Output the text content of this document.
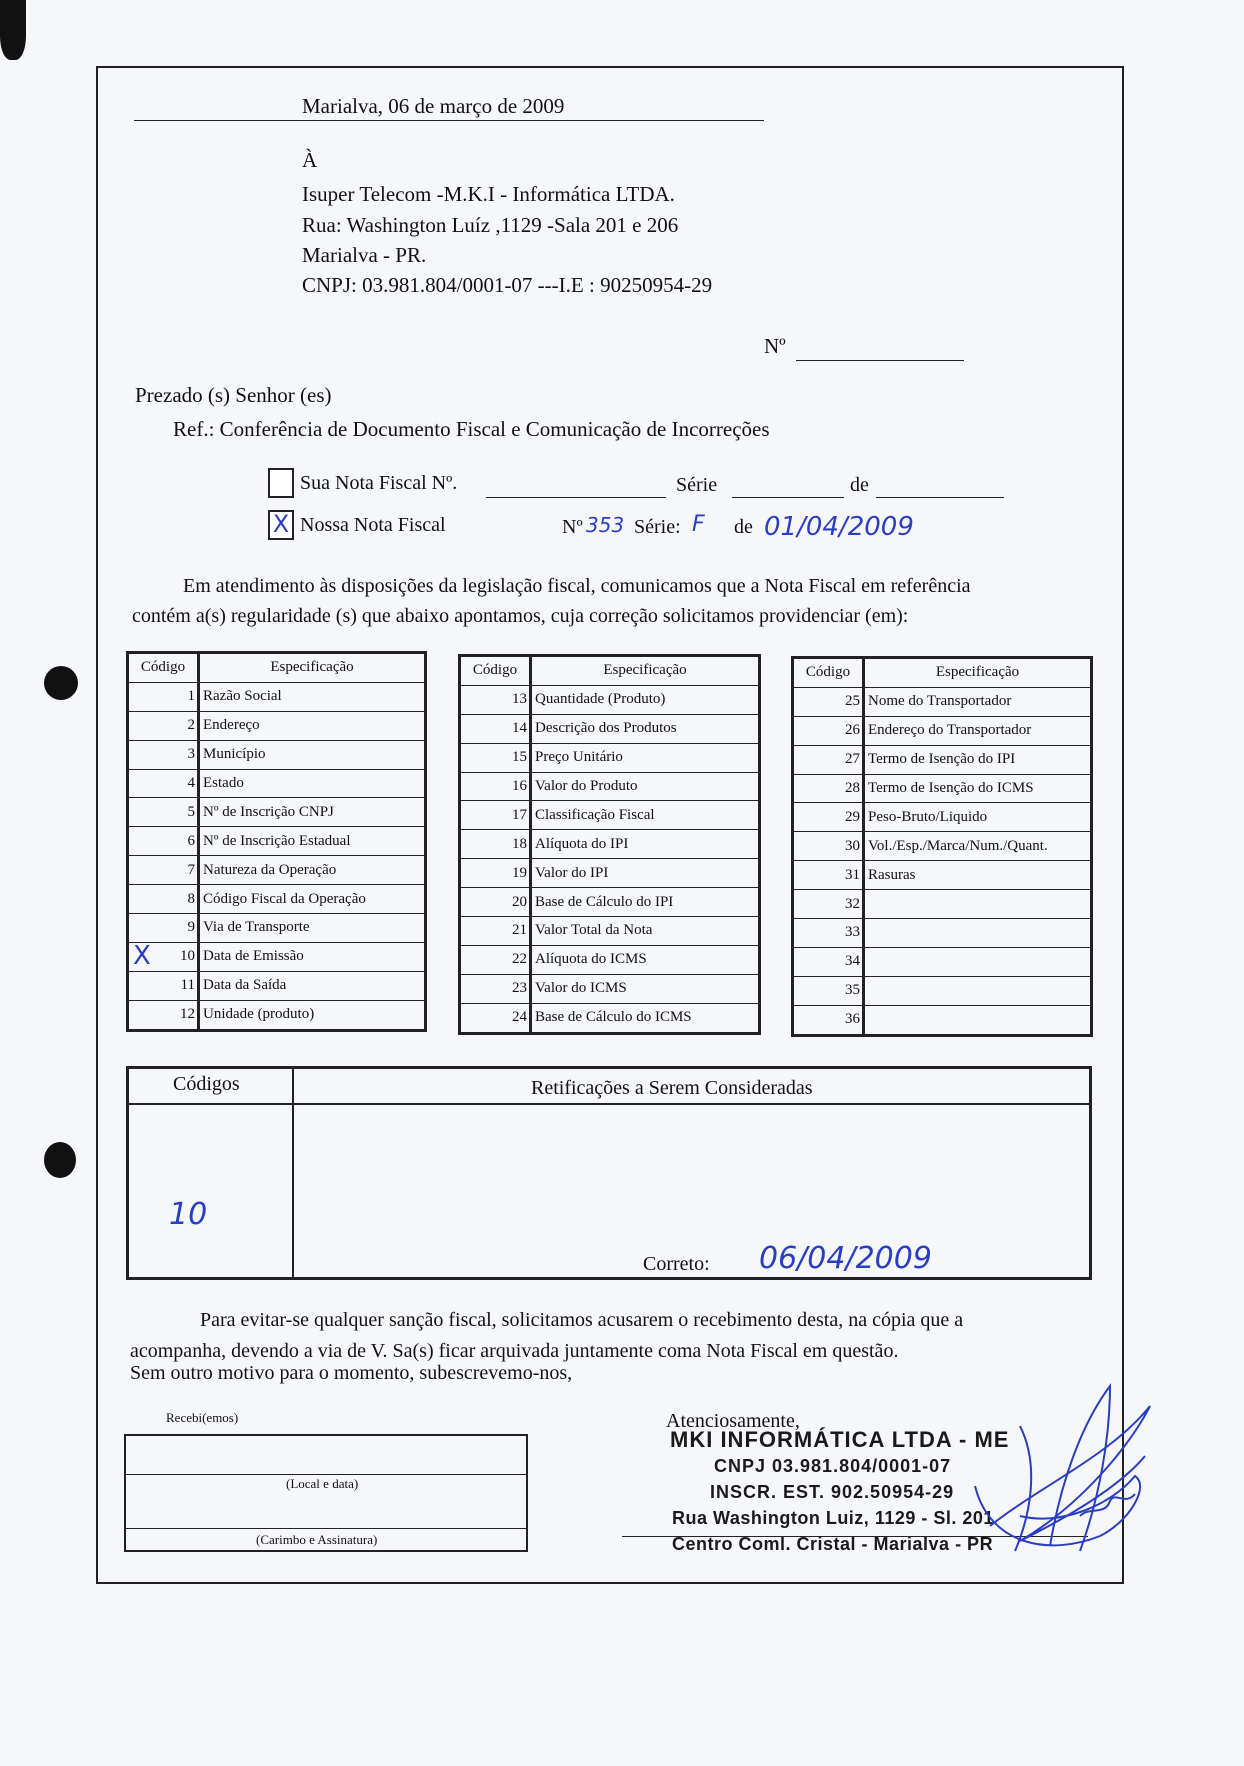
Marialva, 06 de março de 2009
À
Isuper Telecom -M.K.I - Informática LTDA.
Rua: Washington Luíz ,1129 -Sala 201 e 206
Marialva - PR.
CNPJ: 03.981.804/0001-07 ---I.E : 90250954-29
Nº
Prezado (s) Senhor (es)
Ref.: Conferência de Documento Fiscal e Comunicação de Incorreções
Sua Nota Fiscal Nº.	Série	de
X Nossa Nota Fiscal	Nº 353 Série: F de 01/04/2009
Em atendimento às disposições da legislação fiscal, comunicamos que a Nota Fiscal em referência
contém a(s) regularidade (s) que abaixo apontamos, cuja correção solicitamos providenciar (em):
Código	Especificação

1	Razão Social

2	Endereço

3	Município

4	Estado

5	Nº de Inscrição CNPJ

6	Nº de Inscrição Estadual

7	Natureza da Operação

8	Código Fiscal da Operação

9	Via de Transporte

X 10	Data de Emissão

11	Data da Saída

12	Unidade (produto)
Código	Especificação

13	Quantidade (Produto)

14	Descrição dos Produtos

15	Preço Unitário

16	Valor do Produto

17	Classificação Fiscal

18	Alíquota do IPI

19	Valor do IPI

20	Base de Cálculo do IPI

21	Valor Total da Nota

22	Alíquota do ICMS

23	Valor do ICMS

24	Base de Cálculo do ICMS
Código	Especificação

25	Nome do Transportador

26	Endereço do Transportador

27	Termo de Isenção do IPI

28	Termo de Isenção do ICMS

29	Peso-Bruto/Liquido

30	Vol./Esp./Marca/Num./Quant.

31	Rasuras

32	

33	

34	

35	

36	
Códigos	Retificações a Serem Consideradas
10
Correto: 06/04/2009
Para evitar-se qualquer sanção fiscal, solicitamos acusarem o recebimento desta, na cópia que a
acompanha, devendo a via de V. Sa(s) ficar arquivada juntamente coma Nota Fiscal em questão.
Sem outro motivo para o momento, subescrevemo-nos,
Recebi(emos)
(Local e data)
(Carimbo e Assinatura)
Atenciosamente,
MKI INFORMÁTICA LTDA - ME
CNPJ 03.981.804/0001-07
INSCR. EST. 902.50954-29
Rua Washington Luiz, 1129 - Sl. 201
Centro Coml. Cristal - Marialva - PR
